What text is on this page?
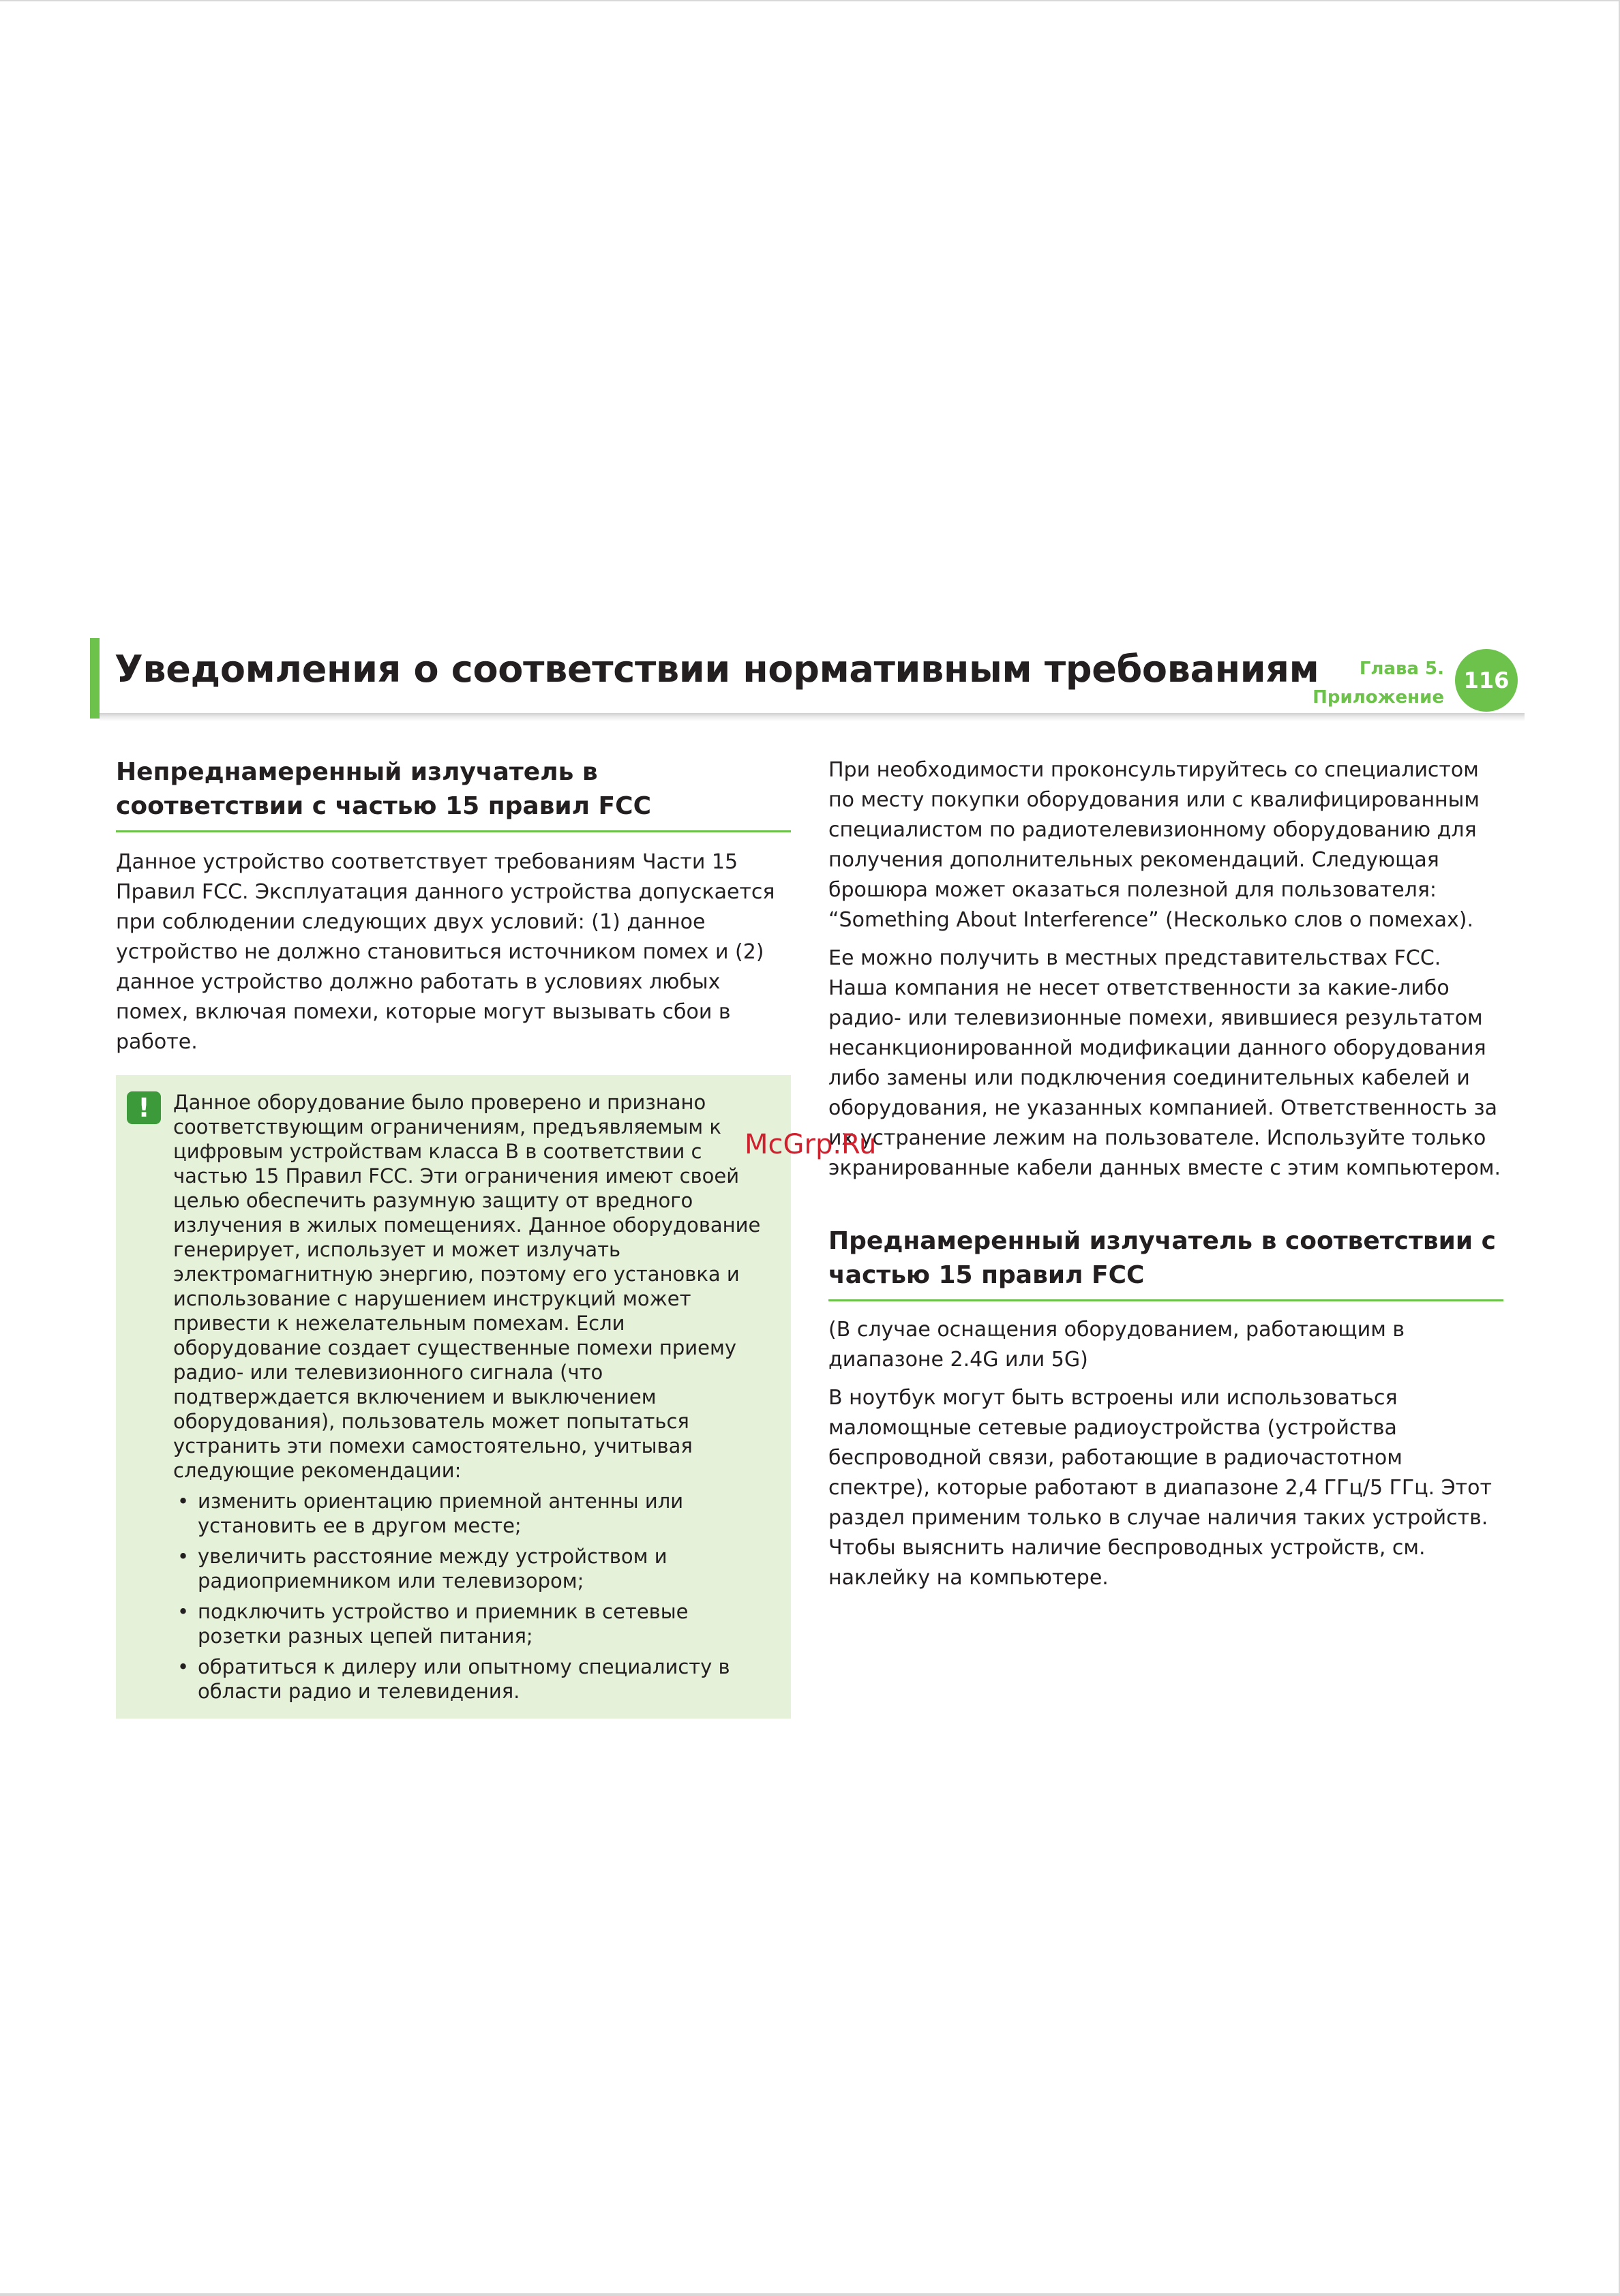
Уведомления о соответствии нормативным требованиям	Глава 5.
Приложение
116
Непреднамеренный излучатель в соответствии с частью 15 правил FCC

Данное устройство соответствует требованиям Части 15 Правил FCC. Эксплуатация данного устройства допускается при соблюдении следующих двух условий: (1) данное устройство не должно становиться источником помех и (2) данное устройство должно работать в условиях любых помех, включая помехи, которые могут вызывать сбои в работе.

!	Данное оборудование было проверено и признано соответствующим ограничениям, предъявляемым к цифровым устройствам класса B в соответствии с частью 15 Правил FCC. Эти ограничения имеют своей целью обеспечить разумную защиту от вредного излучения в жилых помещениях. Данное оборудование генерирует, использует и может излучать электромагнитную энергию, поэтому его установка и использование с нарушением инструкций может привести к нежелательным помехам. Если оборудование создает существенные помехи приему радио- или телевизионного сигнала (что подтверждается включением и выключением оборудования), пользователь может попытаться устранить эти помехи самостоятельно, учитывая следующие рекомендации:

• изменить ориентацию приемной антенны или установить ее в другом месте;
• увеличить расстояние между устройством и радиоприемником или телевизором;
• подключить устройство и приемник в сетевые розетки разных цепей питания;
• обратиться к дилеру или опытному специалисту в области радио и телевидения.

При необходимости проконсультируйтесь со специалистом по месту покупки оборудования или с квалифицированным специалистом по радиотелевизионному оборудованию для получения дополнительных рекомендаций. Следующая брошюра может оказаться полезной для пользователя: “Something About Interference” (Несколько слов о помехах).

Ее можно получить в местных представительствах FCC. Наша компания не несет ответственности за какие-либо радио- или телевизионные помехи, явившиеся результатом несанкционированной модификации данного оборудования либо замены или подключения соединительных кабелей и оборудования, не указанных компанией. Ответственность за их устранение лежим на пользователе. Используйте только экранированные кабели данных вместе с этим компьютером.

Преднамеренный излучатель в соответствии с частью 15 правил FCC

(В случае оснащения оборудованием, работающим в диапазоне 2.4G или 5G)

В ноутбук могут быть встроены или использоваться маломощные сетевые радиоустройства (устройства беспроводной связи, работающие в радиочастотном спектре), которые работают в диапазоне 2,4 ГГц/5 ГГц. Этот раздел применим только в случае наличия таких устройств. Чтобы выяснить наличие беспроводных устройств, см. наклейку на компьютере.

McGrp.Ru
